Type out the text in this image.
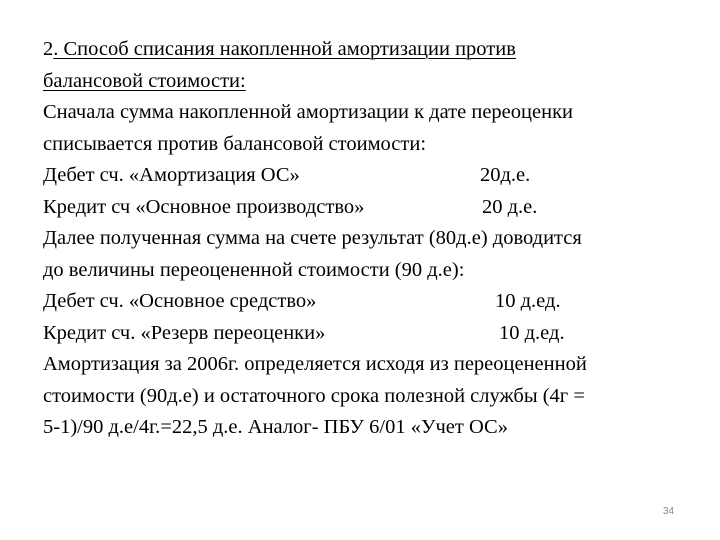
2. Способ списания накопленной амортизации против
балансовой стоимости:
Сначала сумма накопленной амортизации к дате переоценки
списывается против балансовой стоимости:
Дебет сч. «Амортизация ОС»	20д.е.
Кредит сч «Основное производство»	20 д.е.
Далее полученная сумма на счете результат (80д.е) доводится
до величины переоцененной стоимости (90 д.е):
Дебет сч. «Основное средство»	10 д.ед.
Кредит сч. «Резерв переоценки»	10 д.ед.
Амортизация за 2006г. определяется исходя из переоцененной
стоимости (90д.е) и остаточного срока полезной службы (4г =
5-1)/90 д.е/4г.=22,5 д.е. Аналог- ПБУ 6/01 «Учет ОС»
34
